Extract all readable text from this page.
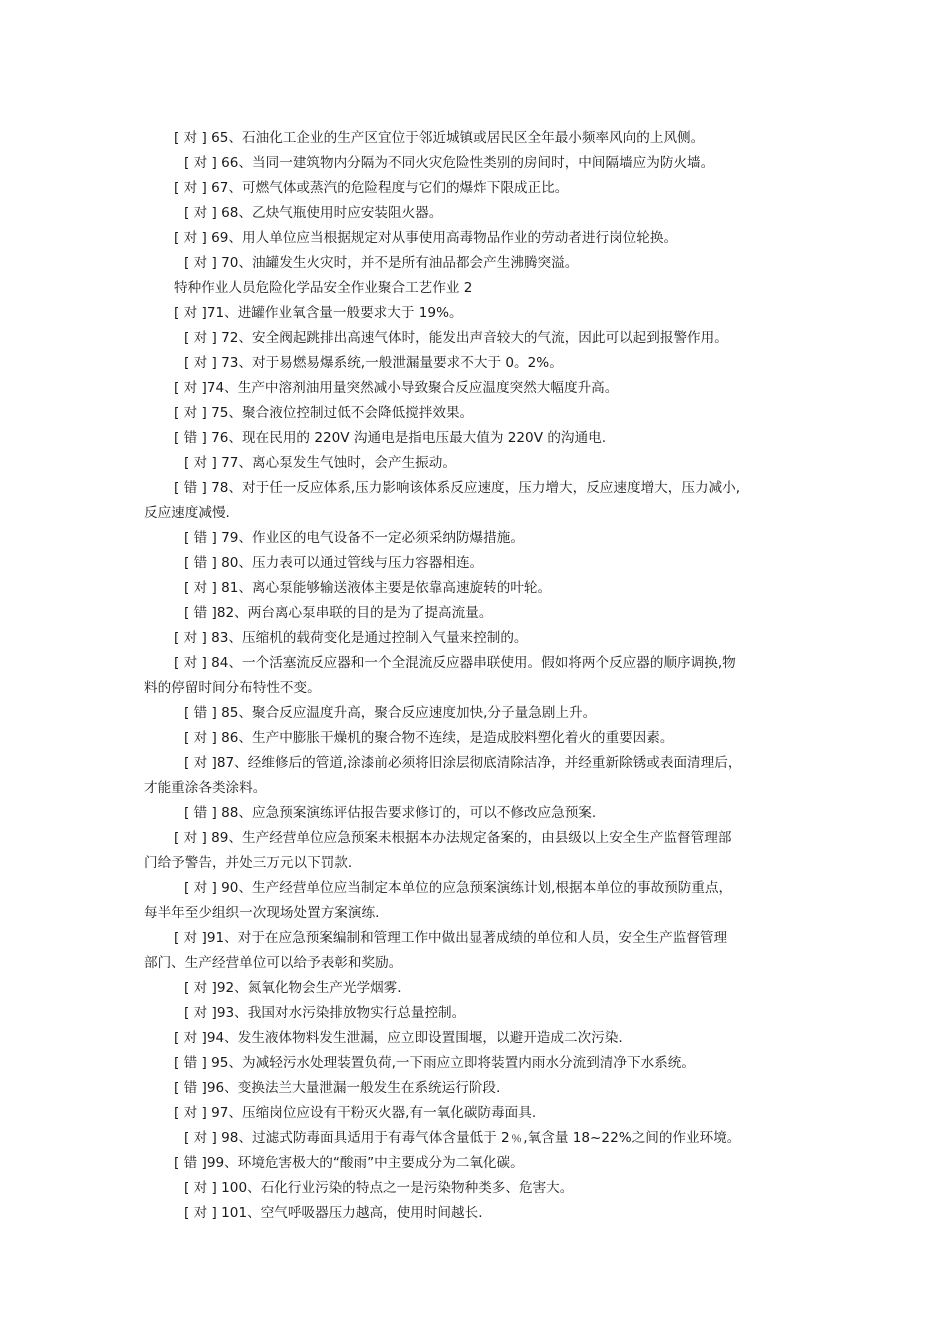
[ 对 ] 65、石油化工企业的生产区宜位于邻近城镇或居民区全年最小频率风向的上风侧。
[ 对 ] 66、当同一建筑物内分隔为不同火灾危险性类别的房间时，中间隔墙应为防火墙。
[ 对 ] 67、可燃气体或蒸汽的危险程度与它们的爆炸下限成正比。
[ 对 ] 68、乙炔气瓶使用时应安装阻火器。
[ 对 ] 69、用人单位应当根据规定对从事使用高毒物品作业的劳动者进行岗位轮换。
[ 对 ] 70、油罐发生火灾时，并不是所有油品都会产生沸腾突溢。
特种作业人员危险化学品安全作业聚合工艺作业 2
[ 对 ]71、进罐作业氧含量一般要求大于 19%。
[ 对 ] 72、安全阀起跳排出高速气体时，能发出声音较大的气流，因此可以起到报警作用。
[ 对 ] 73、对于易燃易爆系统,一般泄漏量要求不大于 0。2%。
[ 对 ]74、生产中溶剂油用量突然减小导致聚合反应温度突然大幅度升高。
[ 对 ] 75、聚合液位控制过低不会降低搅拌效果。
[ 错 ] 76、现在民用的 220V 沟通电是指电压最大值为 220V 的沟通电.
[ 对 ] 77、离心泵发生气蚀时，会产生振动。
[ 错 ] 78、对于任一反应体系,压力影响该体系反应速度，压力增大，反应速度增大，压力减小,
反应速度减慢.
[ 错 ] 79、作业区的电气设备不一定必须采纳防爆措施。
[ 错 ] 80、压力表可以通过管线与压力容器相连。
[ 对 ] 81、离心泵能够输送液体主要是依靠高速旋转的叶轮。
[ 错 ]82、两台离心泵串联的目的是为了提高流量。
[ 对 ] 83、压缩机的载荷变化是通过控制入气量来控制的。
[ 对 ] 84、一个活塞流反应器和一个全混流反应器串联使用。假如将两个反应器的顺序调换,物
料的停留时间分布特性不变。
[ 错 ] 85、聚合反应温度升高，聚合反应速度加快,分子量急剧上升。
[ 对 ] 86、生产中膨胀干燥机的聚合物不连续，是造成胶料塑化着火的重要因素。
[ 对 ]87、经维修后的管道,涂漆前必须将旧涂层彻底清除洁净，并经重新除锈或表面清理后，
才能重涂各类涂料。
[ 错 ] 88、应急预案演练评估报告要求修订的，可以不修改应急预案.
[ 对 ] 89、生产经营单位应急预案未根据本办法规定备案的，由县级以上安全生产监督管理部
门给予警告，并处三万元以下罚款.
[ 对 ] 90、生产经营单位应当制定本单位的应急预案演练计划,根据本单位的事故预防重点，
每半年至少组织一次现场处置方案演练.
[ 对 ]91、对于在应急预案编制和管理工作中做出显著成绩的单位和人员，安全生产监督管理
部门、生产经营单位可以给予表彰和奖励。
[ 对 ]92、氮氧化物会生产光学烟雾.
[ 对 ]93、我国对水污染排放物实行总量控制。
[ 对 ]94、发生液体物料发生泄漏，应立即设置围堰，以避开造成二次污染.
[ 错 ] 95、为减轻污水处理装置负荷,一下雨应立即将装置内雨水分流到清净下水系统。
[ 错 ]96、变换法兰大量泄漏一般发生在系统运行阶段.
[ 对 ] 97、压缩岗位应设有干粉灭火器,有一氧化碳防毒面具.
[ 对 ] 98、过滤式防毒面具适用于有毒气体含量低于 2﹪,氧含量 18~22%之间的作业环境。
[ 错 ]99、环境危害极大的“酸雨”中主要成分为二氧化碳。
[ 对 ] 100、石化行业污染的特点之一是污染物种类多、危害大。
[ 对 ] 101、空气呼吸器压力越高，使用时间越长.
